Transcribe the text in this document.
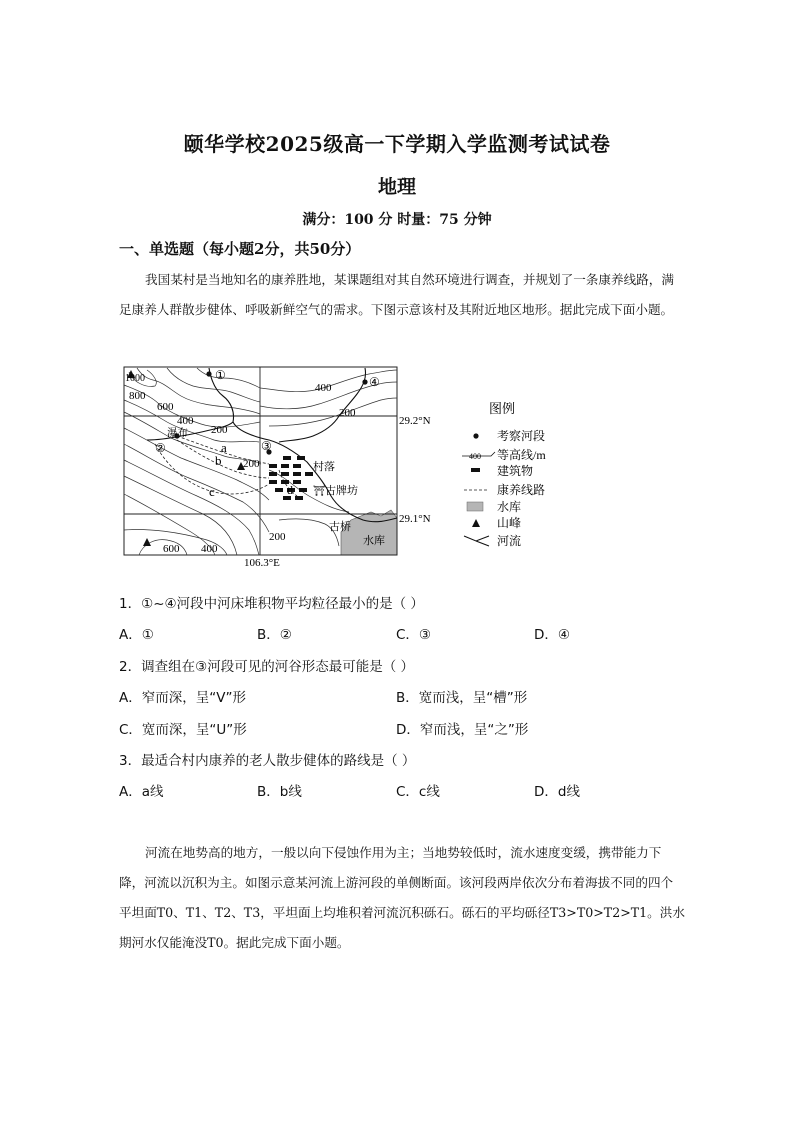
颐华学校2025级高一下学期入学监测考试试卷
地理
满分：100 分 时量：75 分钟
一、单选题（每小题2分，共50分）
我国某村是当地知名的康养胜地，某课题组对其自然环境进行调查，并规划了一条康养线路，满足康养人群散步健体、呼吸新鲜空气的需求。下图示意该村及其附近地区地形。据此完成下面小题。
①
②	③
④
1000
800
600
400
200
400
200
200
200
600 400
a
b
c	d
瀑布
村落
古牌坊
⛩
古桥
水库
29.2°N
29.1°N
106.3°E
图例
考察河段
400 等高线/m
建筑物
康养线路
水库
山峰
河流
1．①~④河段中河床堆积物平均粒径最小的是（ ）
A．①	B．②	C．③	D．④
2．调查组在③河段可见的河谷形态最可能是（ ）
A．窄而深，呈“V”形	B．宽而浅，呈“槽”形
C．宽而深，呈“U”形	D．窄而浅，呈“之”形
3．最适合村内康养的老人散步健体的路线是（ ）
A．a线	B．b线	C．c线	D．d线
河流在地势高的地方，一般以向下侵蚀作用为主；当地势较低时，流水速度变缓，携带能力下降，河流以沉积为主。如图示意某河流上游河段的单侧断面。该河段两岸依次分布着海拔不同的四个平坦面T0、T1、T2、T3，平坦面上均堆积着河流沉积砾石。砾石的平均砾径T3>T0>T2>T1。洪水期河水仅能淹没T0。据此完成下面小题。
